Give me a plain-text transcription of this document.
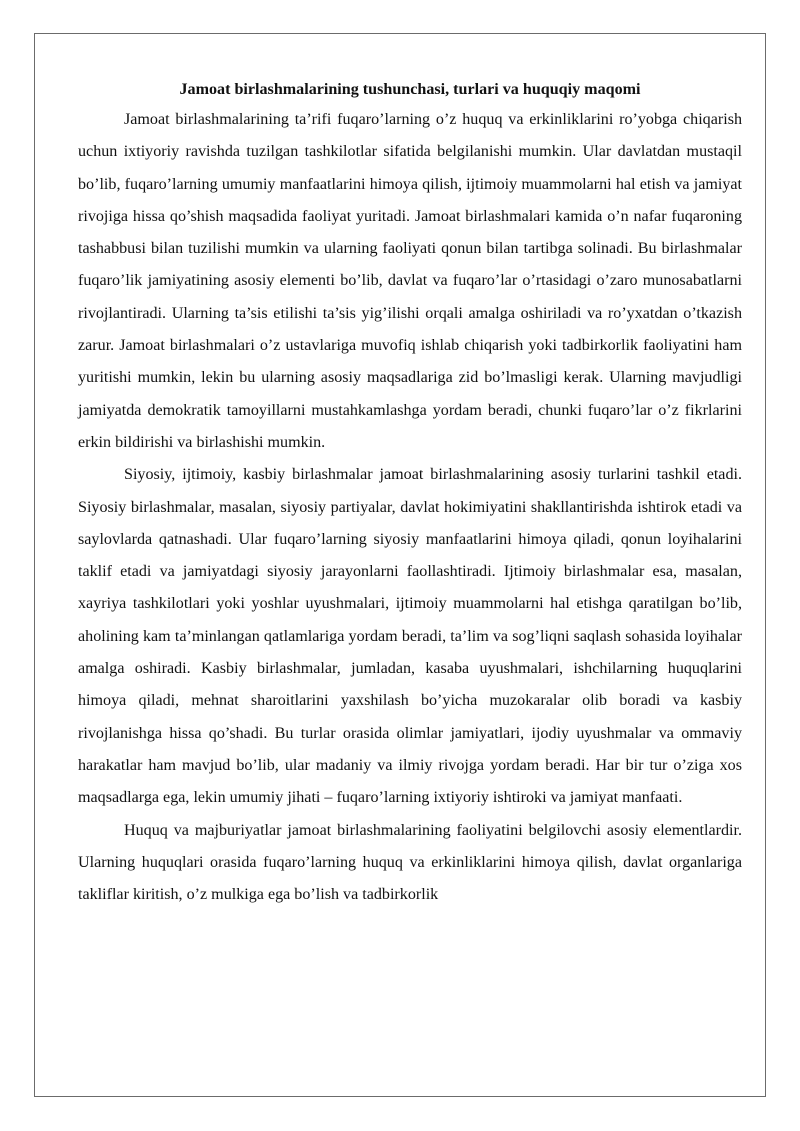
Jamoat birlashmalarining tushunchasi, turlari va huquqiy maqomi

Jamoat birlashmalarining ta’rifi fuqaro’larning o’z huquq va erkinliklarini ro’yobga chiqarish uchun ixtiyoriy ravishda tuzilgan tashkilotlar sifatida belgilanishi mumkin. Ular davlatdan mustaqil bo’lib, fuqaro’larning umumiy manfaatlarini himoya qilish, ijtimoiy muammolarni hal etish va jamiyat rivojiga hissa qo’shish maqsadida faoliyat yuritadi. Jamoat birlashmalari kamida o’n nafar fuqaroning tashabbusi bilan tuzilishi mumkin va ularning faoliyati qonun bilan tartibga solinadi. Bu birlashmalar fuqaro’lik jamiyatining asosiy elementi bo’lib, davlat va fuqaro’lar o’rtasidagi o’zaro munosabatlarni rivojlantiradi. Ularning ta’sis etilishi ta’sis yig’ilishi orqali amalga oshiriladi va ro’yxatdan o’tkazish zarur. Jamoat birlashmalari o’z ustavlariga muvofiq ishlab chiqarish yoki tadbirkorlik faoliyatini ham yuritishi mumkin, lekin bu ularning asosiy maqsadlariga zid bo’lmasligi kerak. Ularning mavjudligi jamiyatda demokratik tamoyillarni mustahkamlashga yordam beradi, chunki fuqaro’lar o’z fikrlarini erkin bildirishi va birlashishi mumkin.

Siyosiy, ijtimoiy, kasbiy birlashmalar jamoat birlashmalarining asosiy turlarini tashkil etadi. Siyosiy birlashmalar, masalan, siyosiy partiyalar, davlat hokimiyatini shakllantirishda ishtirok etadi va saylovlarda qatnashadi. Ular fuqaro’larning siyosiy manfaatlarini himoya qiladi, qonun loyihalarini taklif etadi va jamiyatdagi siyosiy jarayonlarni faollashtiradi. Ijtimoiy birlashmalar esa, masalan, xayriya tashkilotlari yoki yoshlar uyushmalari, ijtimoiy muammolarni hal etishga qaratilgan bo’lib, aholining kam ta’minlangan qatlamlariga yordam beradi, ta’lim va sog’liqni saqlash sohasida loyihalar amalga oshiradi. Kasbiy birlashmalar, jumladan, kasaba uyushmalari, ishchilarning huquqlarini himoya qiladi, mehnat sharoitlarini yaxshilash bo’yicha muzokaralar olib boradi va kasbiy rivojlanishga hissa qo’shadi. Bu turlar orasida olimlar jamiyatlari, ijodiy uyushmalar va ommaviy harakatlar ham mavjud bo’lib, ular madaniy va ilmiy rivojga yordam beradi. Har bir tur o’ziga xos maqsadlarga ega, lekin umumiy jihati – fuqaro’larning ixtiyoriy ishtiroki va jamiyat manfaati.

Huquq va majburiyatlar jamoat birlashmalarining faoliyatini belgilovchi asosiy elementlardir. Ularning huquqlari orasida fuqaro’larning huquq va erkinliklarini himoya qilish, davlat organlariga takliflar kiritish, o’z mulkiga ega bo’lish va tadbirkorlik
